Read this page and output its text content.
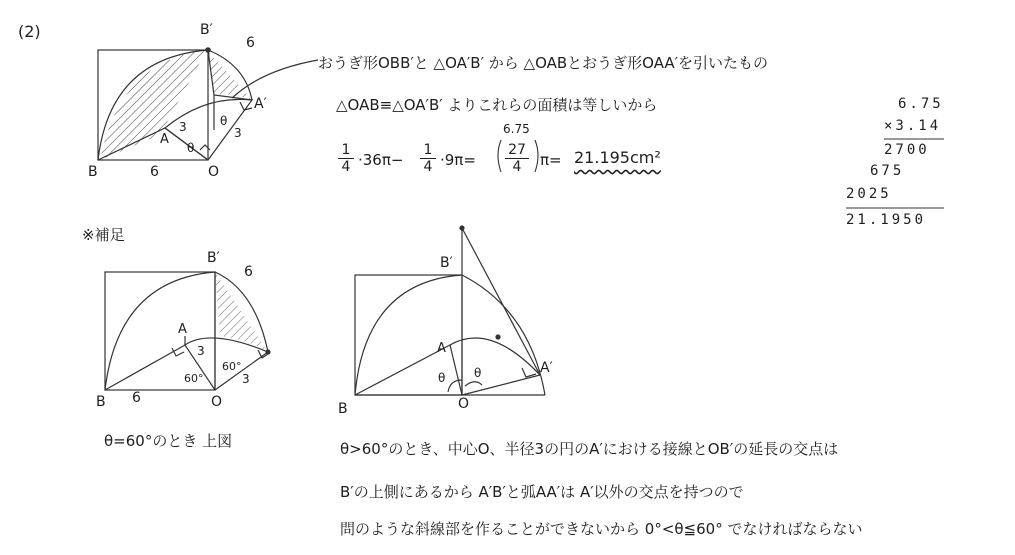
(2)	B′
6
A′
A
3
θ
θ
3
B	6	O
おうぎ形OBB′と △OA′B′ から △OABとおうぎ形OAA′を引いたもの
△OAB≡△OA′B′ よりこれらの面積は等しいから
$\frac{1}{4} \cdot 36\pi- \frac{1}{4} \cdot 9\pi=$
6.75
$\frac{27}{4} \pi= 21.195cm^2$
6.75
×3.14
2700
675
2025
21.1950
※補足
B′
6
A
3
60°
60°
3
B 6	O
θ=60°のとき 上図
B′
A
θ θ	A′
B	O
θ>60°のとき、中心O、半径3の円のA′における接線とOB′の延長の交点は
B′の上側にあるから A′B′と弧AA′は A′以外の交点を持つので
問のような斜線部を作ることができないから 0°<θ≦60° でなければならない
